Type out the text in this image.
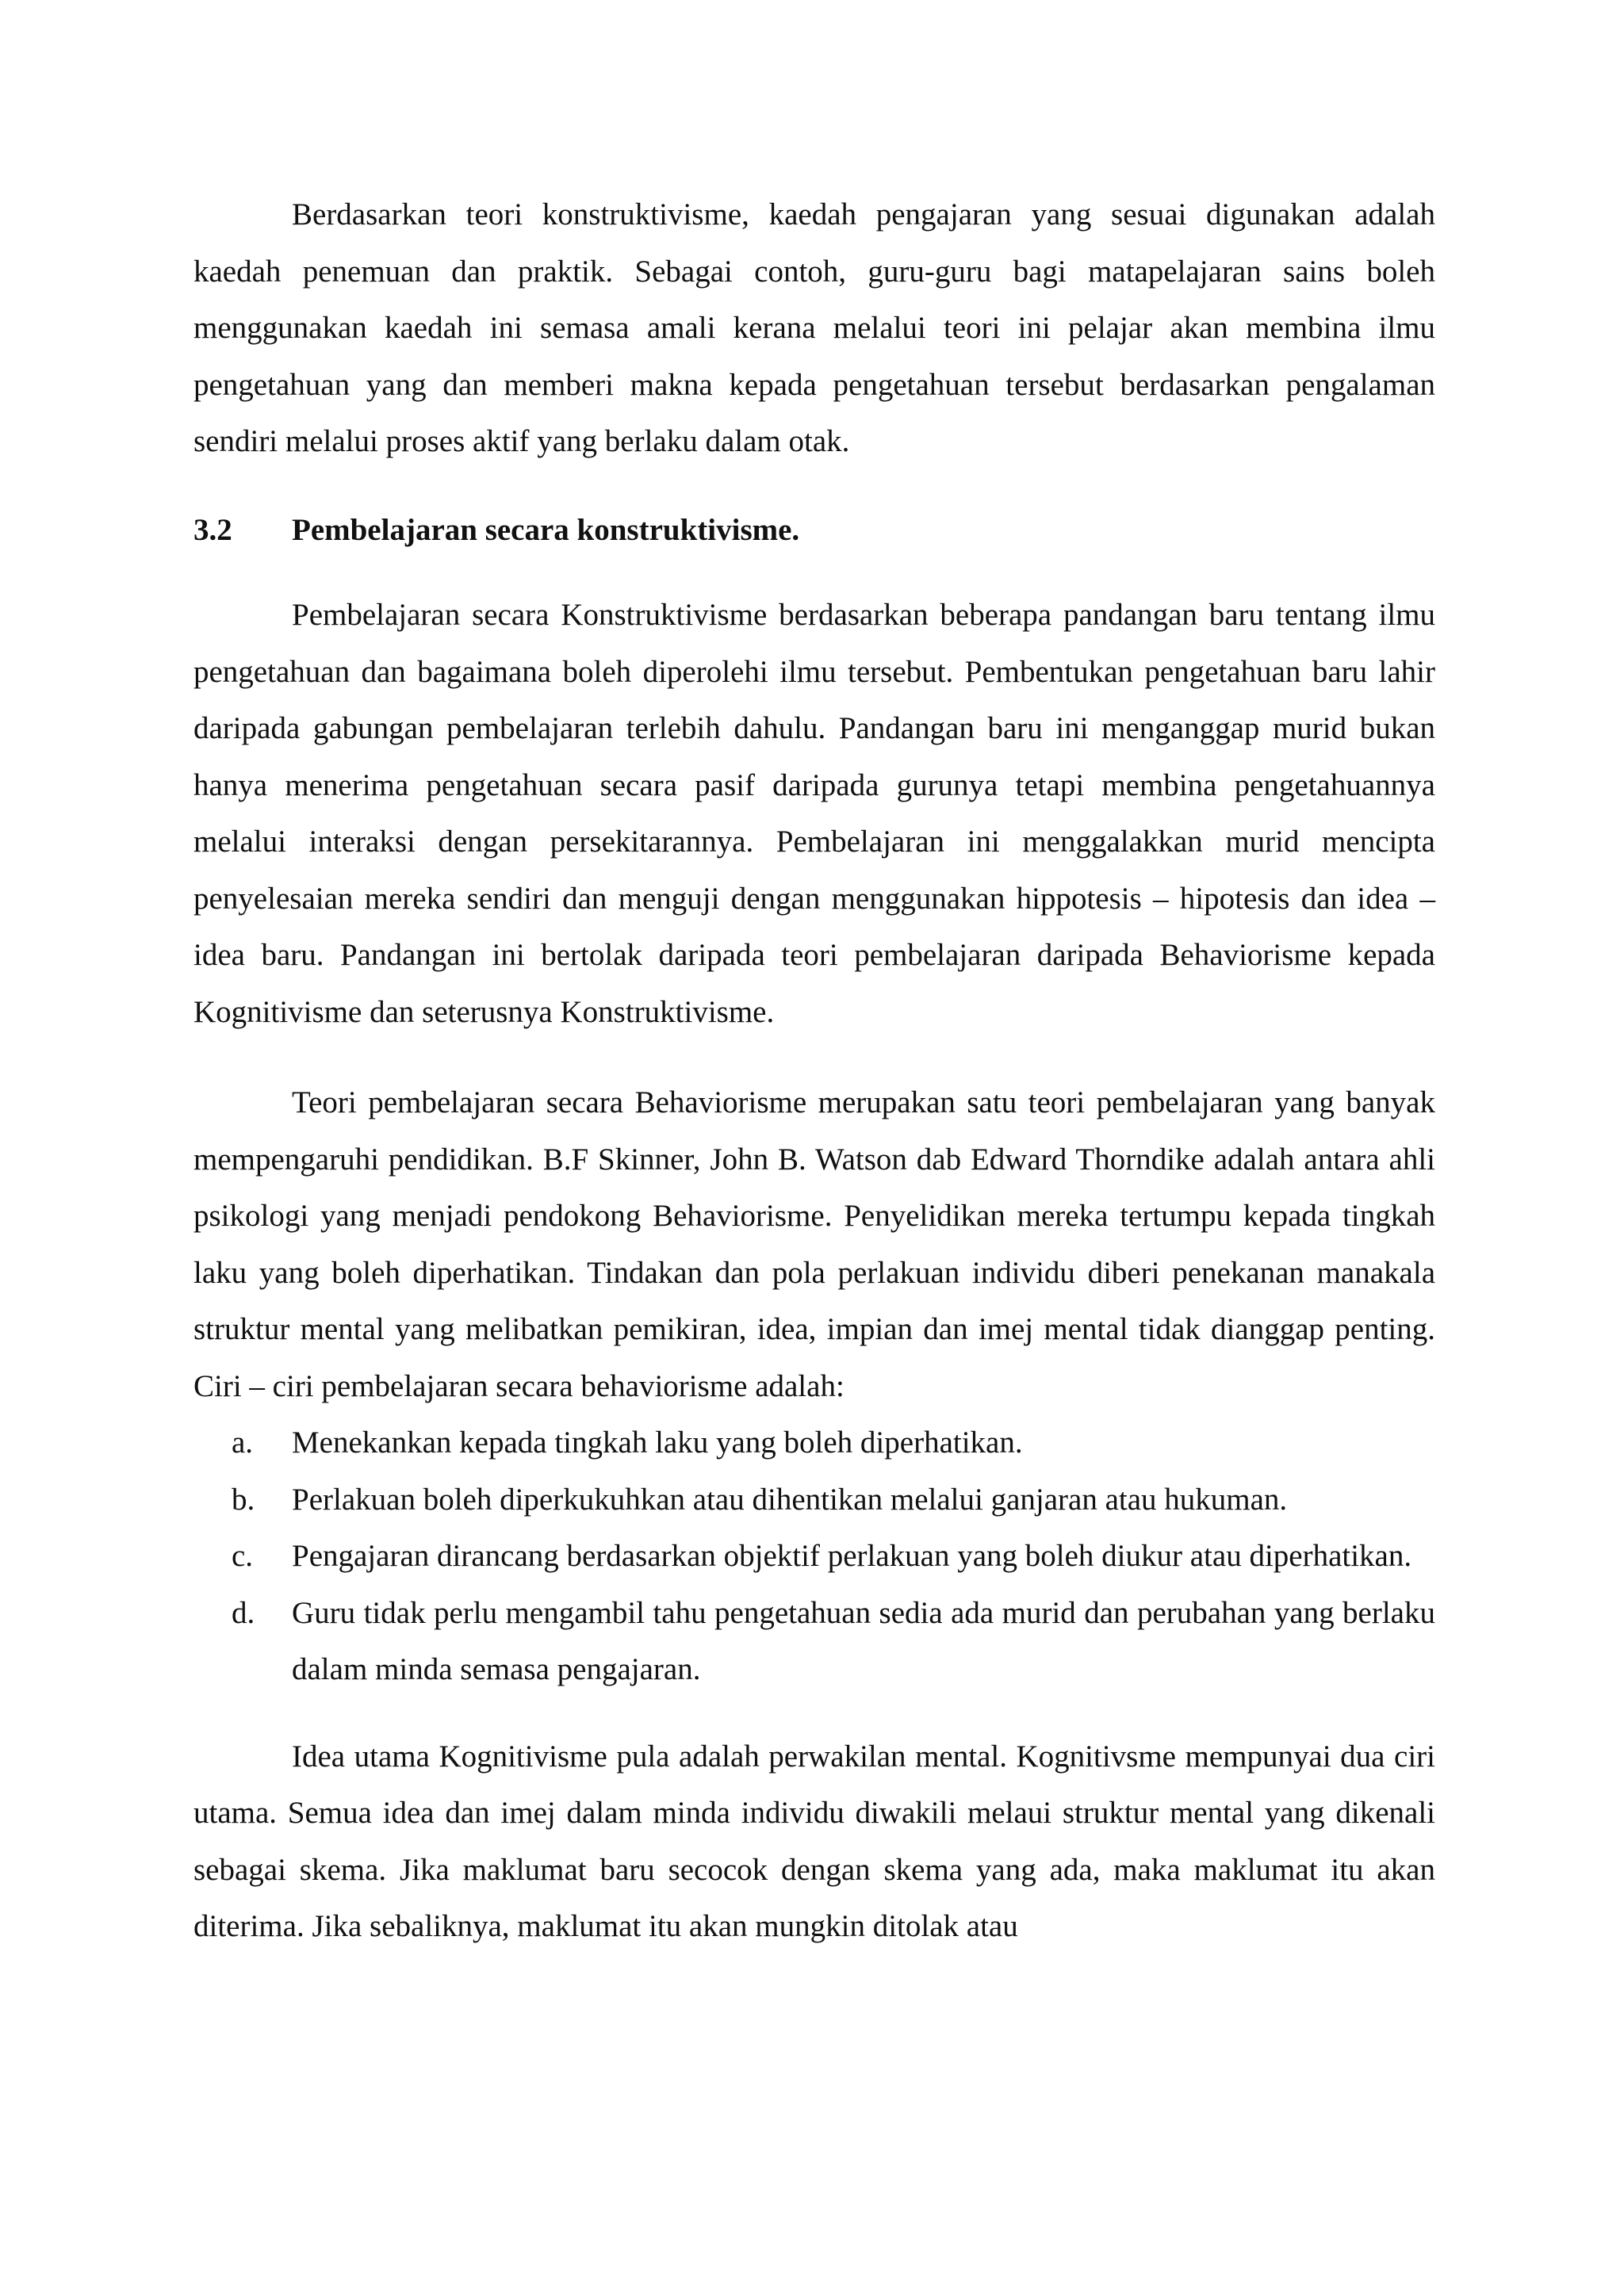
Berdasarkan teori konstruktivisme, kaedah pengajaran yang sesuai digunakan adalah kaedah penemuan dan praktik. Sebagai contoh, guru-guru bagi matapelajaran sains boleh menggunakan kaedah ini semasa amali kerana melalui teori ini pelajar akan membina ilmu pengetahuan yang dan memberi makna kepada pengetahuan tersebut berdasarkan pengalaman sendiri melalui proses aktif yang berlaku dalam otak.

3.2	Pembelajaran secara konstruktivisme.

Pembelajaran secara Konstruktivisme berdasarkan beberapa pandangan baru tentang ilmu pengetahuan dan bagaimana boleh diperolehi ilmu tersebut. Pembentukan pengetahuan baru lahir daripada gabungan pembelajaran terlebih dahulu. Pandangan baru ini menganggap murid bukan hanya menerima pengetahuan secara pasif daripada gurunya tetapi membina pengetahuannya melalui interaksi dengan persekitarannya. Pembelajaran ini menggalakkan murid mencipta penyelesaian mereka sendiri dan menguji dengan menggunakan hippotesis – hipotesis dan idea – idea baru. Pandangan ini bertolak daripada teori pembelajaran daripada Behaviorisme kepada Kognitivisme dan seterusnya Konstruktivisme.

Teori pembelajaran secara Behaviorisme merupakan satu teori pembelajaran yang banyak mempengaruhi pendidikan. B.F Skinner, John B. Watson dab Edward Thorndike adalah antara ahli psikologi yang menjadi pendokong Behaviorisme. Penyelidikan mereka tertumpu kepada tingkah laku yang boleh diperhatikan. Tindakan dan pola perlakuan individu diberi penekanan manakala struktur mental yang melibatkan pemikiran, idea, impian dan imej mental tidak dianggap penting. Ciri – ciri pembelajaran secara behaviorisme adalah:

a.	Menekankan kepada tingkah laku yang boleh diperhatikan.
b.	Perlakuan boleh diperkukuhkan atau dihentikan melalui ganjaran atau hukuman.
c.	Pengajaran dirancang berdasarkan objektif perlakuan yang boleh diukur atau diperhatikan.
d.	Guru tidak perlu mengambil tahu pengetahuan sedia ada murid dan perubahan yang berlaku dalam minda semasa pengajaran.

Idea utama Kognitivisme pula adalah perwakilan mental. Kognitivsme mempunyai dua ciri utama. Semua idea dan imej dalam minda individu diwakili melaui struktur mental yang dikenali sebagai skema. Jika maklumat baru secocok dengan skema yang ada, maka maklumat itu akan diterima. Jika sebaliknya, maklumat itu akan mungkin ditolak atau
